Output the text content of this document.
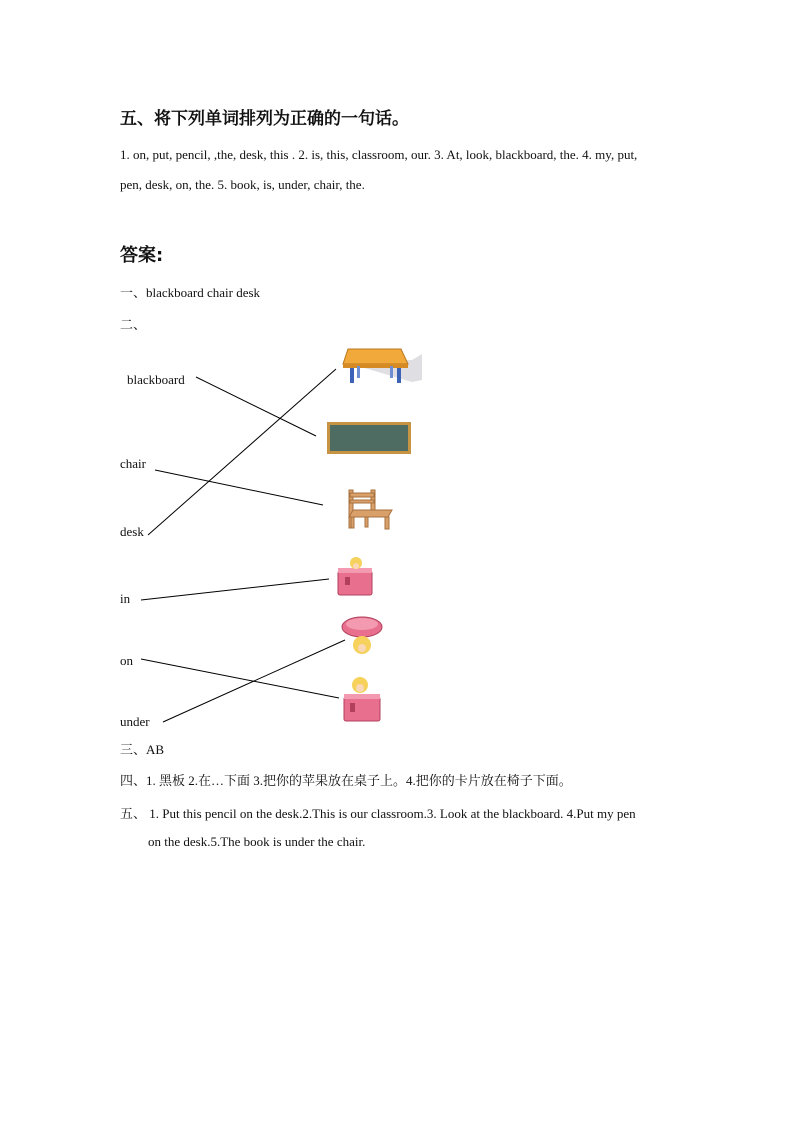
五、将下列单词排列为正确的一句话。
1. on, put, pencil, ,the, desk, this . 2. is, this, classroom, our. 3. At, look, blackboard, the. 4. my, put,
pen, desk, on, the. 5. book, is, under, chair, the.
答案:
一、blackboard chair desk
二、
blackboard
chair
desk
in
on
under
三、AB
四、1. 黑板 2.在…下面 3.把你的苹果放在桌子上。4.把你的卡片放在椅子下面。
五、 1. Put this pencil on the desk.2.This is our classroom.3. Look at the blackboard. 4.Put my pen
on the desk.5.The book is under the chair.
